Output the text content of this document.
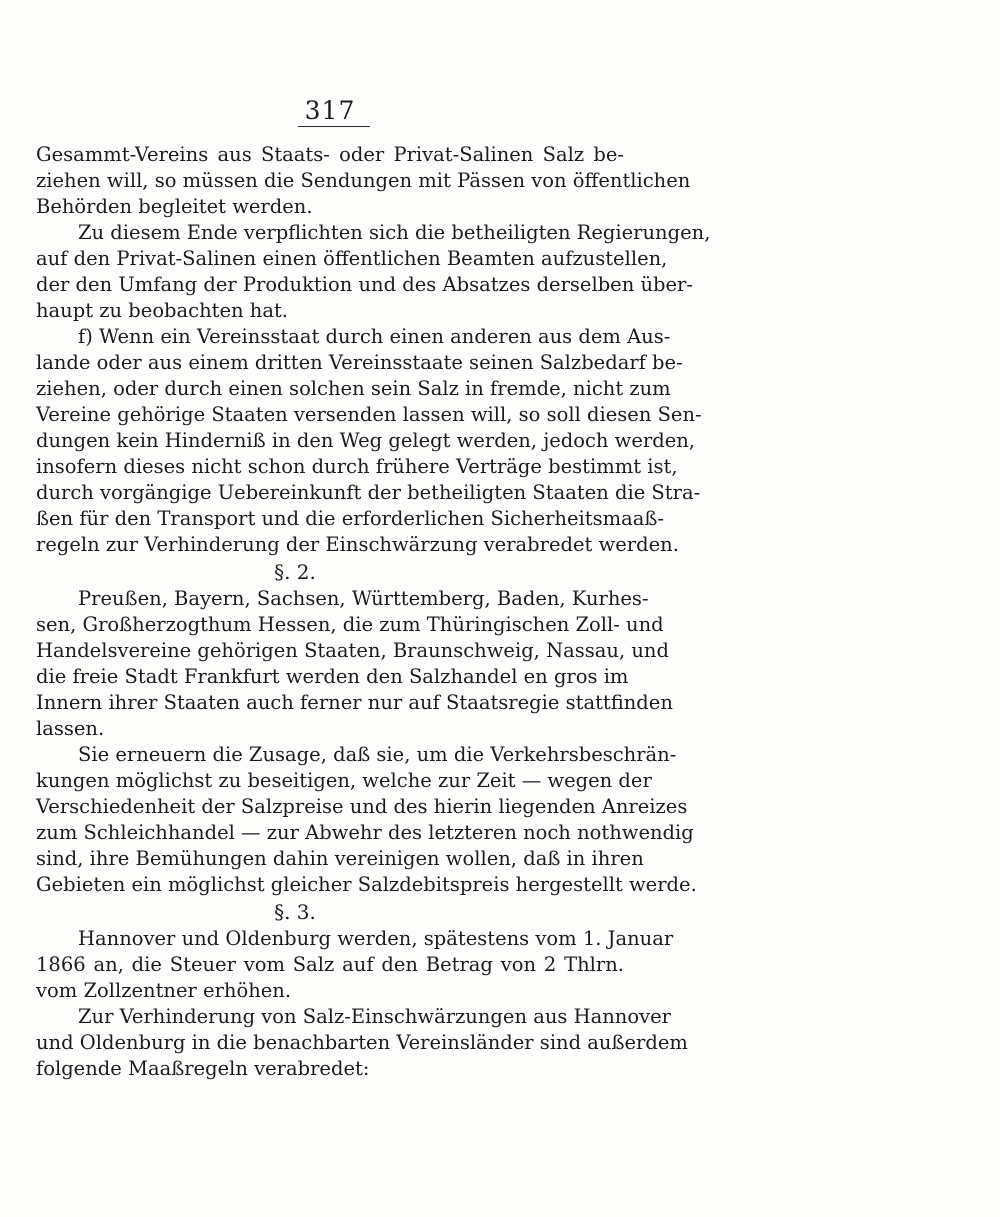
317
Gesammt-Vereins aus Staats- oder Privat-Salinen Salz be-
ziehen will, so müssen die Sendungen mit Pässen von öffentlichen
Behörden begleitet werden.
Zu diesem Ende verpflichten sich die betheiligten Regierungen,
auf den Privat-Salinen einen öffentlichen Beamten aufzustellen,
der den Umfang der Produktion und des Absatzes derselben über-
haupt zu beobachten hat.
f) Wenn ein Vereinsstaat durch einen anderen aus dem Aus-
lande oder aus einem dritten Vereinsstaate seinen Salzbedarf be-
ziehen, oder durch einen solchen sein Salz in fremde, nicht zum
Vereine gehörige Staaten versenden lassen will, so soll diesen Sen-
dungen kein Hinderniß in den Weg gelegt werden, jedoch werden,
insofern dieses nicht schon durch frühere Verträge bestimmt ist,
durch vorgängige Uebereinkunft der betheiligten Staaten die Stra-
ßen für den Transport und die erforderlichen Sicherheitsmaaß-
regeln zur Verhinderung der Einschwärzung verabredet werden.
§. 2.
Preußen, Bayern, Sachsen, Württemberg, Baden, Kurhes-
sen, Großherzogthum Hessen, die zum Thüringischen Zoll- und
Handelsvereine gehörigen Staaten, Braunschweig, Nassau, und
die freie Stadt Frankfurt werden den Salzhandel en gros im
Innern ihrer Staaten auch ferner nur auf Staatsregie stattfinden
lassen.
Sie erneuern die Zusage, daß sie, um die Verkehrsbeschrän-
kungen möglichst zu beseitigen, welche zur Zeit — wegen der
Verschiedenheit der Salzpreise und des hierin liegenden Anreizes
zum Schleichhandel — zur Abwehr des letzteren noch nothwendig
sind, ihre Bemühungen dahin vereinigen wollen, daß in ihren
Gebieten ein möglichst gleicher Salzdebitspreis hergestellt werde.
§. 3.
Hannover und Oldenburg werden, spätestens vom 1. Januar
1866 an, die Steuer vom Salz auf den Betrag von 2 Thlrn.
vom Zollzentner erhöhen.
Zur Verhinderung von Salz-Einschwärzungen aus Hannover
und Oldenburg in die benachbarten Vereinsländer sind außerdem
folgende Maaßregeln verabredet:
